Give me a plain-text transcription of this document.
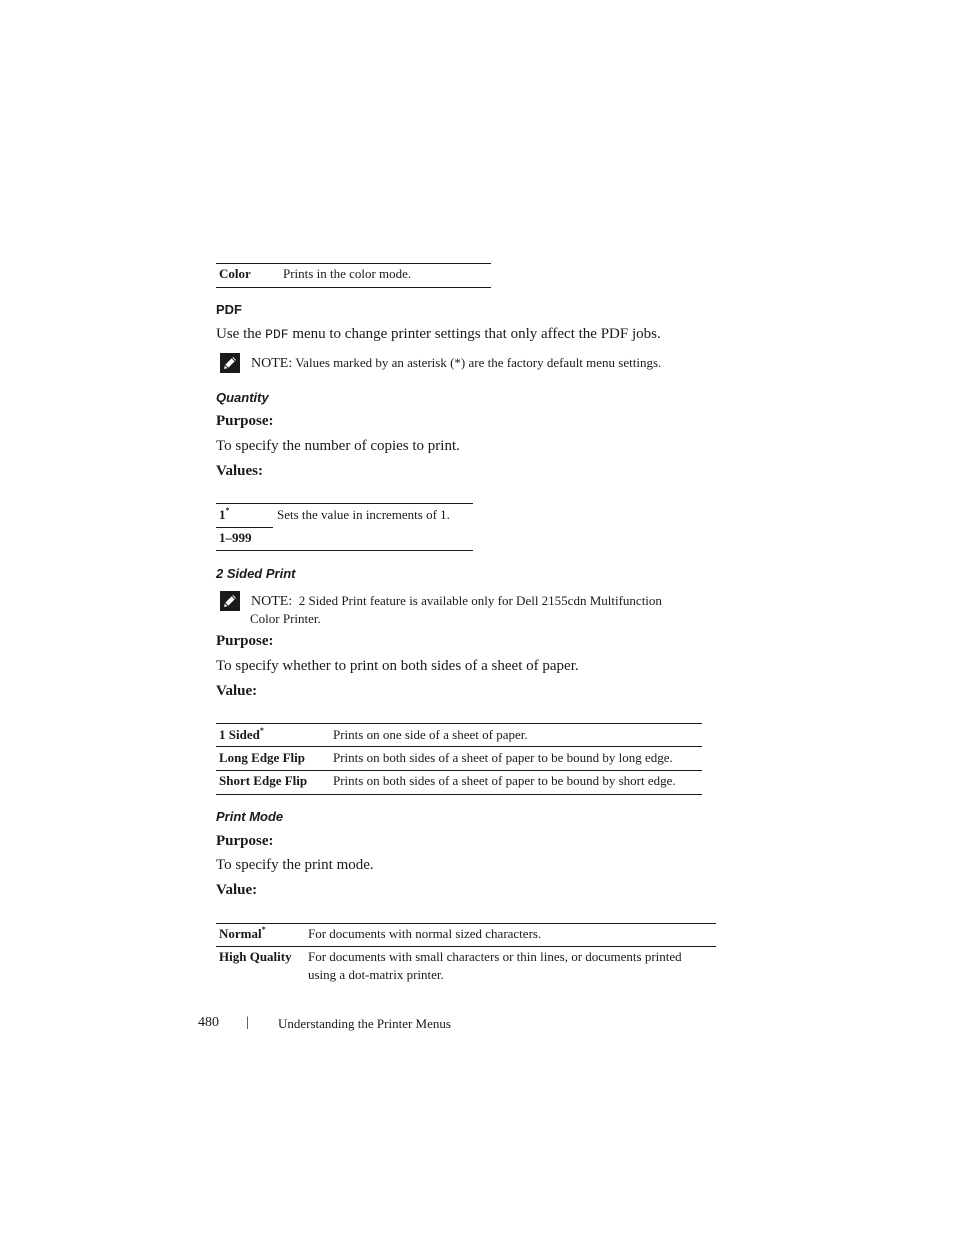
Color Prints in the color mode.
PDF
Use the PDF menu to change printer settings that only affect the PDF jobs.
NOTE: Values marked by an asterisk (*) are the factory default menu settings.
Quantity
Purpose:
To specify the number of copies to print.
Values:
1*	Sets the value in increments of 1.
1–999
2 Sided Print
NOTE: 2 Sided Print feature is available only for Dell 2155cdn Multifunction
Color Printer.
Purpose:
To specify whether to print on both sides of a sheet of paper.
Value:
1 Sided*	Prints on one side of a sheet of paper.
Long Edge Flip Prints on both sides of a sheet of paper to be bound by long edge.
Short Edge Flip Prints on both sides of a sheet of paper to be bound by short edge.
Print Mode
Purpose:
To specify the print mode.
Value:
Normal*	For documents with normal sized characters.
High Quality For documents with small characters or thin lines, or documents printed
using a dot-matrix printer.
480 | Understanding the Printer Menus
